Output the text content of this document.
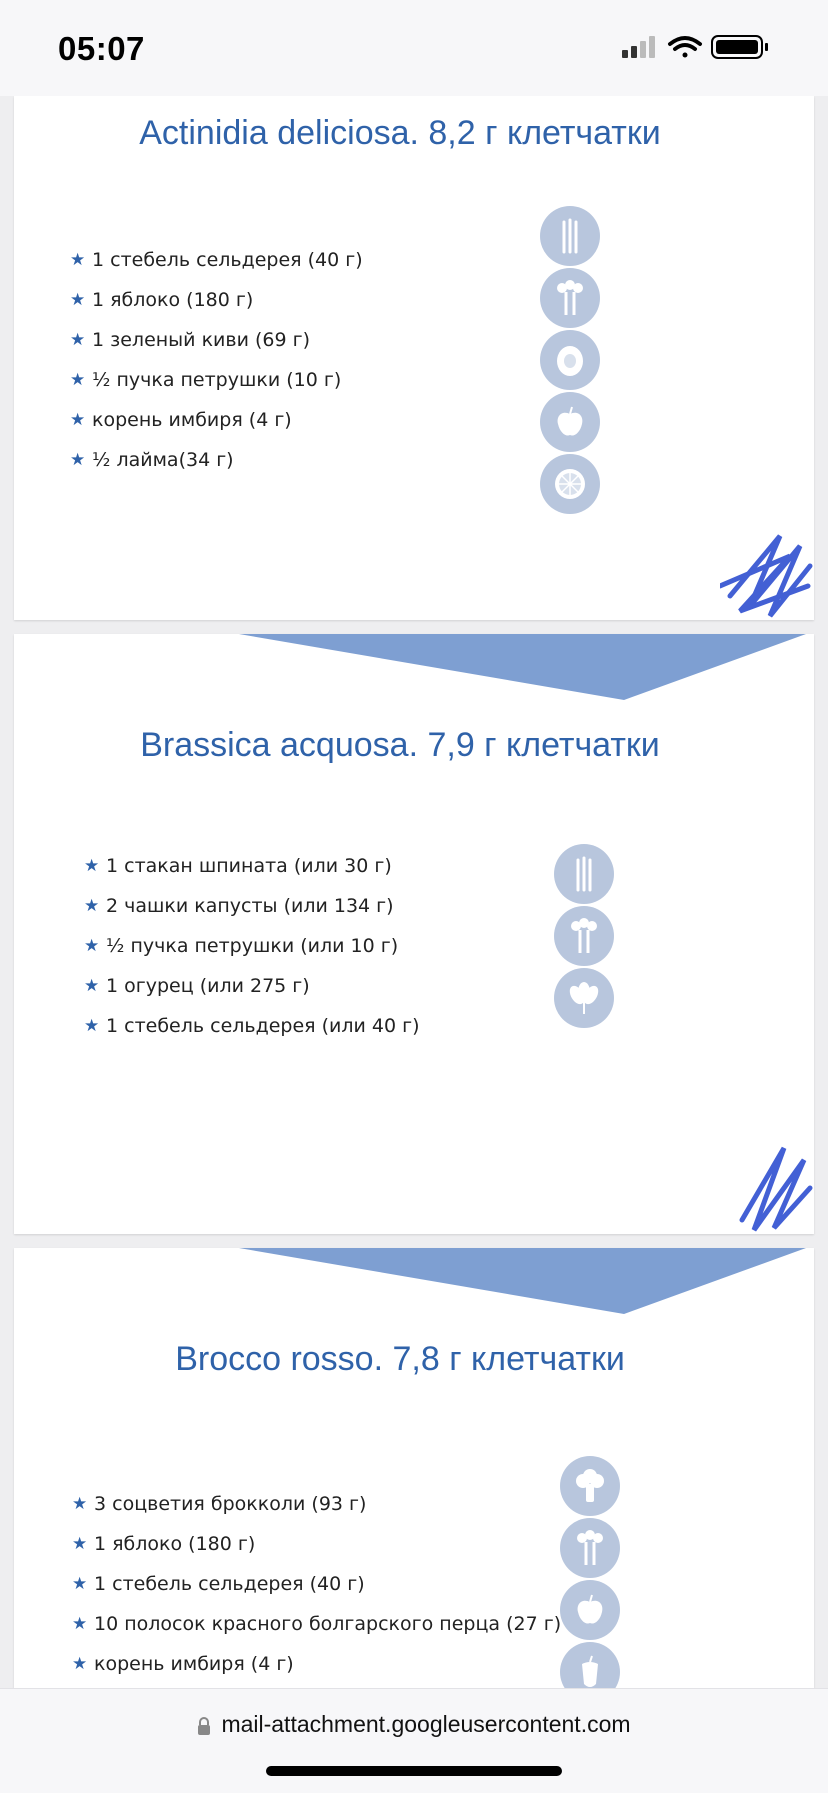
05:07
Actinidia deliciosa. 8,2 г клетчатки
★ 1 стебель сельдерея (40 г)
★ 1 яблоко (180 г)
★ 1 зеленый киви (69 г)
★ ½ пучка петрушки (10 г)
★ корень имбиря (4 г)
★ ½ лайма(34 г)
Brassica acquosa. 7,9 г клетчатки
★ 1 стакан шпината (или 30 г)
★ 2 чашки капусты (или 134 г)
★ ½ пучка петрушки (или 10 г)
★ 1 огурец (или 275 г)
★ 1 стебель сельдерея (или 40 г)
Brocco rosso. 7,8 г клетчатки
★ 3 соцветия брокколи (93 г)
★ 1 яблоко (180 г)
★ 1 стебель сельдерея (40 г)
★ 10 полосок красного болгарского перца (27 г)
★ корень имбиря (4 г)
mail-attachment.googleusercontent.com
